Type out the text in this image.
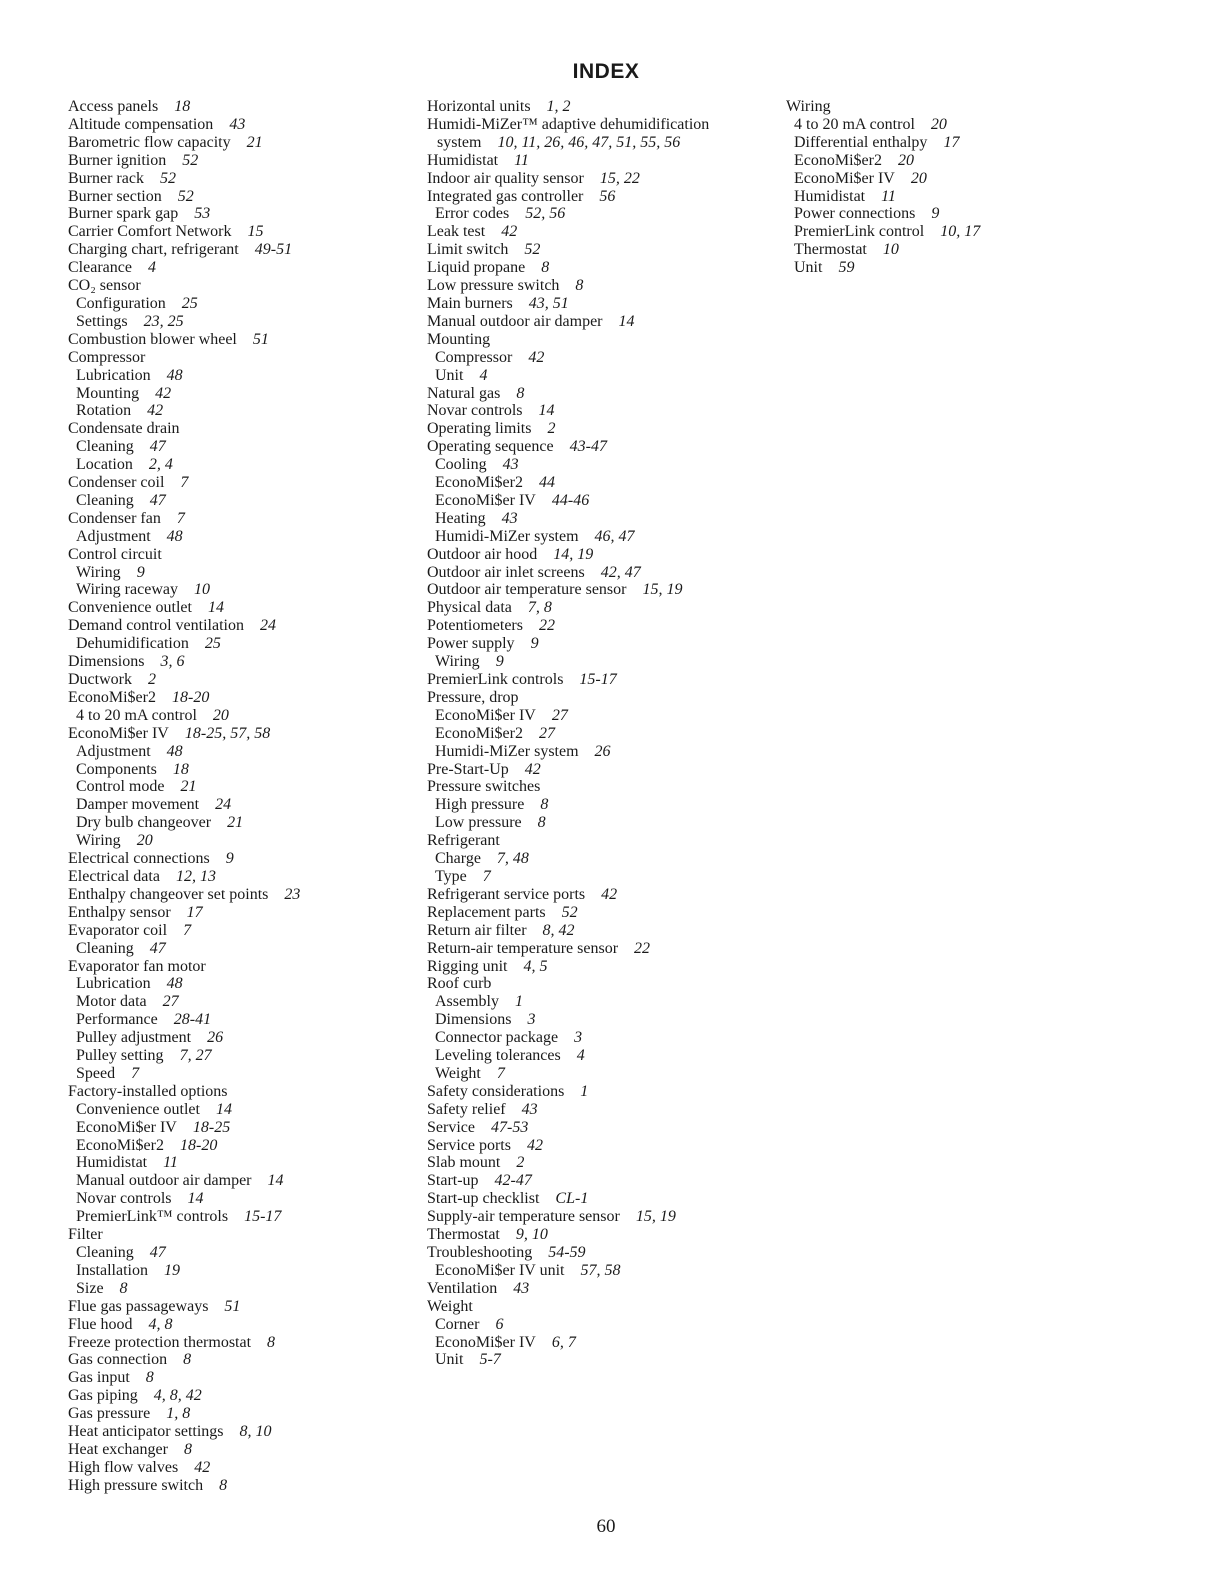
INDEX
Access panels 18
Altitude compensation 43
Barometric flow capacity 21
Burner ignition 52
Burner rack 52
Burner section 52
Burner spark gap 53
Carrier Comfort Network 15
Charging chart, refrigerant 49-51
Clearance 4
CO₂ sensor
Configuration 25
Settings 23, 25
Combustion blower wheel 51
Compressor
Lubrication 48
Mounting 42
Rotation 42
Condensate drain
Cleaning 47
Location 2, 4
Condenser coil 7
Cleaning 47
Condenser fan 7
Adjustment 48
Control circuit
Wiring 9
Wiring raceway 10
Convenience outlet 14
Demand control ventilation 24
Dehumidification 25
Dimensions 3, 6
Ductwork 2
EconoMi$er2 18-20
4 to 20 mA control 20
EconoMi$er IV 18-25, 57, 58
Adjustment 48
Components 18
Control mode 21
Damper movement 24
Dry bulb changeover 21
Wiring 20
Electrical connections 9
Electrical data 12, 13
Enthalpy changeover set points 23
Enthalpy sensor 17
Evaporator coil 7
Cleaning 47
Evaporator fan motor
Lubrication 48
Motor data 27
Performance 28-41
Pulley adjustment 26
Pulley setting 7, 27
Speed 7
Factory-installed options
Convenience outlet 14
EconoMi$er IV 18-25
EconoMi$er2 18-20
Humidistat 11
Manual outdoor air damper 14
Novar controls 14
PremierLink™ controls 15-17
Filter
Cleaning 47
Installation 19
Size 8
Flue gas passageways 51
Flue hood 4, 8
Freeze protection thermostat 8
Gas connection 8
Gas input 8
Gas piping 4, 8, 42
Gas pressure 1, 8
Heat anticipator settings 8, 10
Heat exchanger 8
High flow valves 42
High pressure switch 8
Horizontal units 1, 2
Humidi-MiZer™ adaptive dehumidification
system 10, 11, 26, 46, 47, 51, 55, 56
Humidistat 11
Indoor air quality sensor 15, 22
Integrated gas controller 56
Error codes 52, 56
Leak test 42
Limit switch 52
Liquid propane 8
Low pressure switch 8
Main burners 43, 51
Manual outdoor air damper 14
Mounting
Compressor 42
Unit 4
Natural gas 8
Novar controls 14
Operating limits 2
Operating sequence 43-47
Cooling 43
EconoMi$er2 44
EconoMi$er IV 44-46
Heating 43
Humidi-MiZer system 46, 47
Outdoor air hood 14, 19
Outdoor air inlet screens 42, 47
Outdoor air temperature sensor 15, 19
Physical data 7, 8
Potentiometers 22
Power supply 9
Wiring 9
PremierLink controls 15-17
Pressure, drop
EconoMi$er IV 27
EconoMi$er2 27
Humidi-MiZer system 26
Pre-Start-Up 42
Pressure switches
High pressure 8
Low pressure 8
Refrigerant
Charge 7, 48
Type 7
Refrigerant service ports 42
Replacement parts 52
Return air filter 8, 42
Return-air temperature sensor 22
Rigging unit 4, 5
Roof curb
Assembly 1
Dimensions 3
Connector package 3
Leveling tolerances 4
Weight 7
Safety considerations 1
Safety relief 43
Service 47-53
Service ports 42
Slab mount 2
Start-up 42-47
Start-up checklist CL-1
Supply-air temperature sensor 15, 19
Thermostat 9, 10
Troubleshooting 54-59
EconoMi$er IV unit 57, 58
Ventilation 43
Weight
Corner 6
EconoMi$er IV 6, 7
Unit 5-7
Wiring
4 to 20 mA control 20
Differential enthalpy 17
EconoMi$er2 20
EconoMi$er IV 20
Humidistat 11
Power connections 9
PremierLink control 10, 17
Thermostat 10
Unit 59
60
